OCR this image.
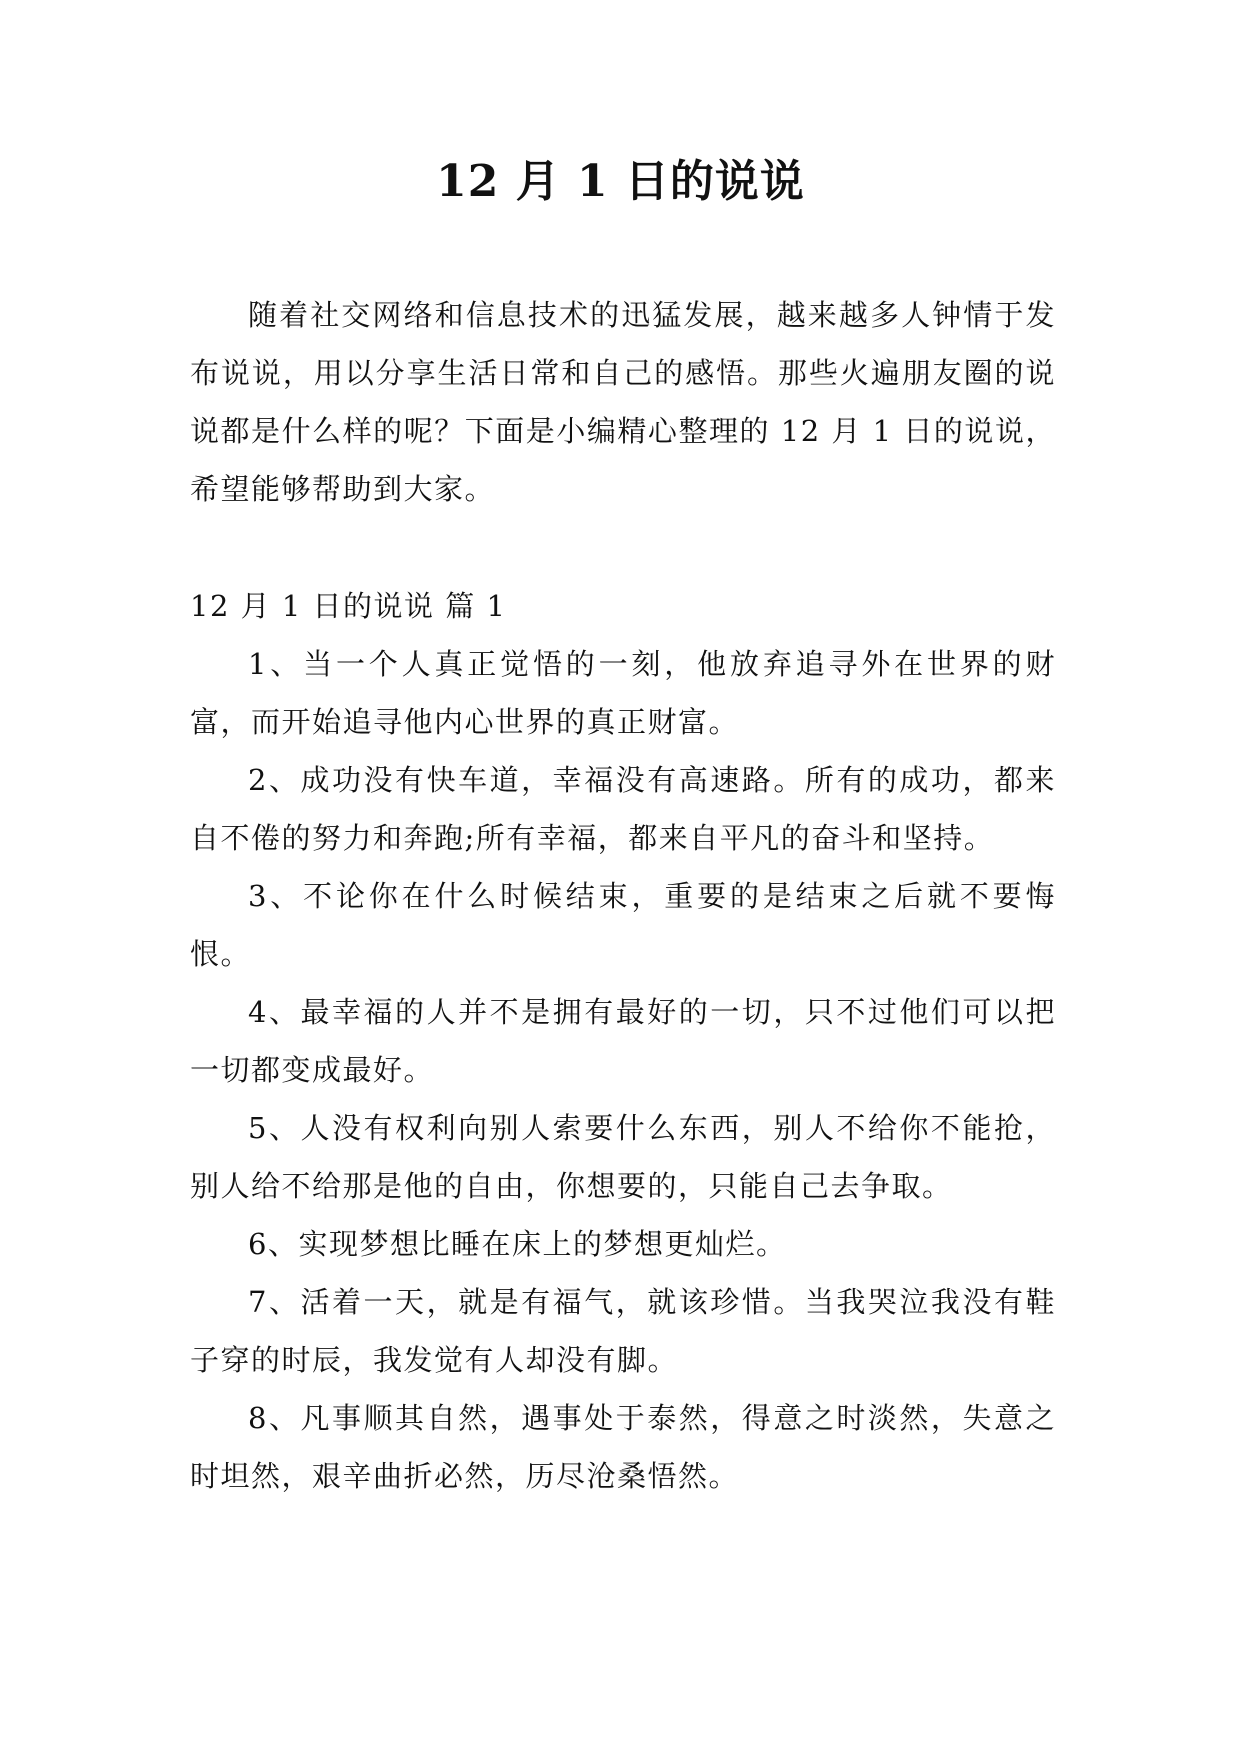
12 月 1 日的说说

随着社交网络和信息技术的迅猛发展，越来越多人钟情于发布说说，用以分享生活日常和自己的感悟。那些火遍朋友圈的说说都是什么样的呢？下面是小编精心整理的 12 月 1 日的说说，希望能够帮助到大家。

12 月 1 日的说说 篇 1

1、当一个人真正觉悟的一刻，他放弃追寻外在世界的财富，而开始追寻他内心世界的真正财富。

2、成功没有快车道，幸福没有高速路。所有的成功，都来自不倦的努力和奔跑;所有幸福，都来自平凡的奋斗和坚持。

3、不论你在什么时候结束，重要的是结束之后就不要悔恨。

4、最幸福的人并不是拥有最好的一切，只不过他们可以把一切都变成最好。

5、人没有权利向别人索要什么东西，别人不给你不能抢，别人给不给那是他的自由，你想要的，只能自己去争取。

6、实现梦想比睡在床上的梦想更灿烂。

7、活着一天，就是有福气，就该珍惜。当我哭泣我没有鞋子穿的时辰，我发觉有人却没有脚。

8、凡事顺其自然，遇事处于泰然，得意之时淡然，失意之时坦然，艰辛曲折必然，历尽沧桑悟然。
